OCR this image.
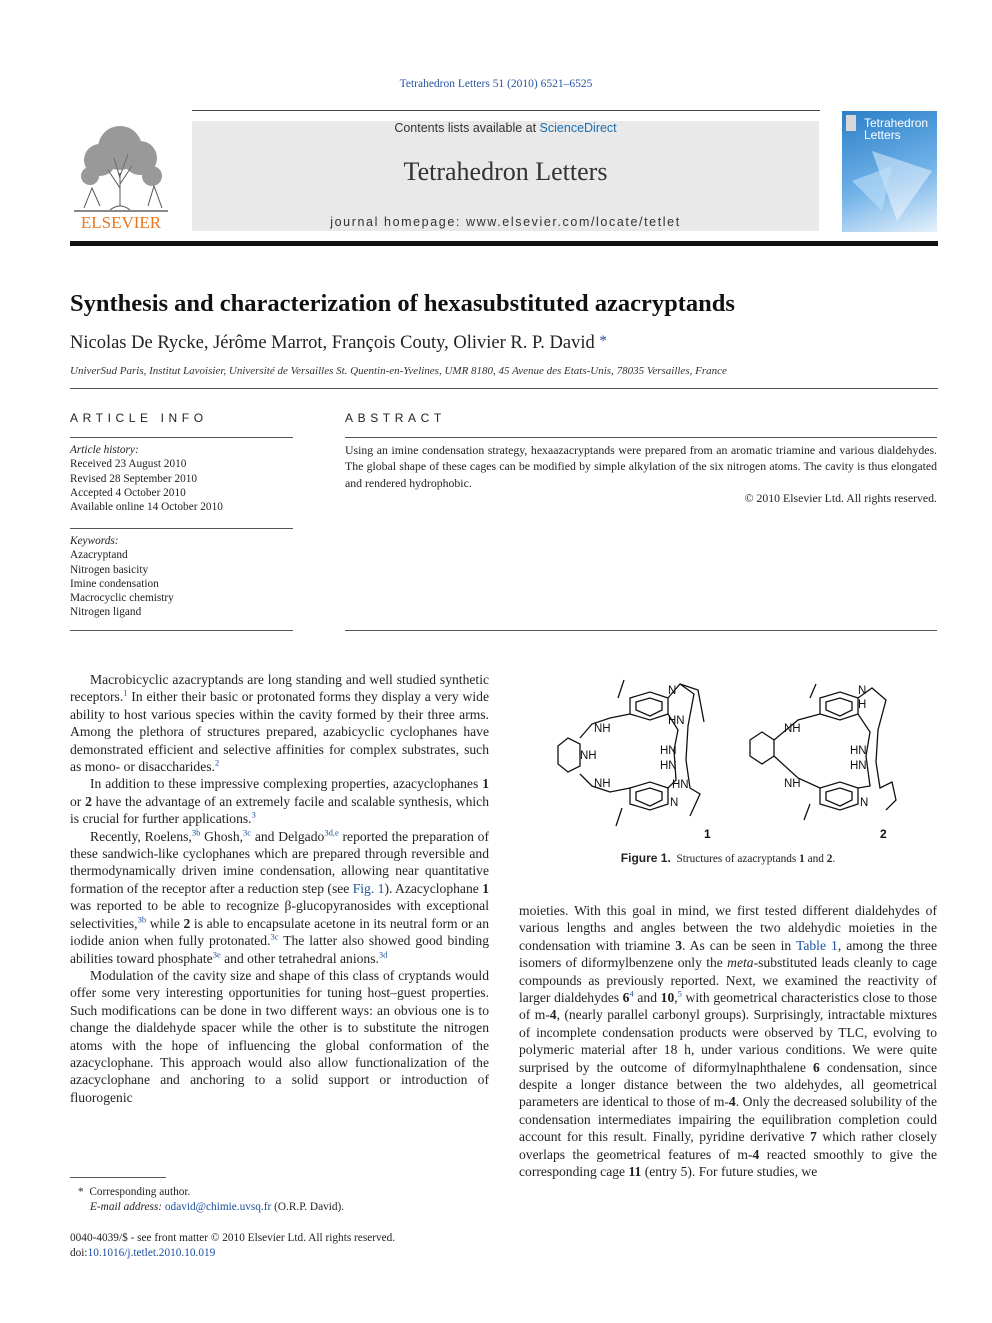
Tetrahedron Letters 51 (2010) 6521–6525
ELSEVIER
Contents lists available at ScienceDirect
Tetrahedron Letters
journal homepage: www.elsevier.com/locate/tetlet
Tetrahedron
Letters
Synthesis and characterization of hexasubstituted azacryptands
Nicolas De Rycke, Jérôme Marrot, François Couty, Olivier R. P. David *
UniverSud Paris, Institut Lavoisier, Université de Versailles St. Quentin-en-Yvelines, UMR 8180, 45 Avenue des Etats-Unis, 78035 Versailles, France
ARTICLE INFO
Article history:
Received 23 August 2010
Revised 28 September 2010
Accepted 4 October 2010
Available online 14 October 2010
Keywords:
Azacryptand
Nitrogen basicity
Imine condensation
Macrocyclic chemistry
Nitrogen ligand
ABSTRACT
Using an imine condensation strategy, hexaazacryptands were prepared from an aromatic triamine and various dialdehydes. The global shape of these cages can be modified by simple alkylation of the six nitrogen atoms. The cavity is thus elongated and rendered hydrophobic.
© 2010 Elsevier Ltd. All rights reserved.

Macrobicyclic azacryptands are long standing and well studied synthetic receptors.$^1$ In either their basic or protonated forms they display a very wide ability to host various species within the cavity formed by their three arms. Among the plethora of structures prepared, azabicyclic cyclophanes have demonstrated efficient and selective affinities for complex substrates, such as mono- or disaccharides.$^2$

In addition to these impressive complexing properties, azacyclophanes 1 or 2 have the advantage of an extremely facile and scalable synthesis, which is crucial for further applications.$^3$

Recently, Roelens,$^{3b}$ Ghosh,$^{3c}$ and Delgado$^{3d,e}$ reported the preparation of these sandwich-like cyclophanes which are prepared through reversible and thermodynamically driven imine condensation, allowing near quantitative formation of the receptor after a reduction step (see Fig. 1). Azacyclophane 1 was reported to be able to recognize β-glucopyranosides with exceptional selectivities,$^{3b}$ while 2 is able to encapsulate acetone in its neutral form or an iodide anion when fully protonated.$^{3c}$ The latter also showed good binding abilities toward phosphate$^{3e}$ and other tetrahedral anions.$^{3d}$

Modulation of the cavity size and shape of this class of cryptands would offer some very interesting opportunities for tuning host–guest properties. Such modifications can be done in two different ways: an obvious one is to change the dialdehyde spacer while the other is to substitute the nitrogen atoms with the hope of influencing the global conformation of the azacyclophane. This approach would also allow functionalization of the azacyclophane and anchoring to a solid support or introduction of fluorogenic

NH
NH
NH
N
HN
HN
HN
HN
N
NH
NH
N
H
HN
HN
N
1	2
Figure 1. Structures of azacryptands 1 and 2.

moieties. With this goal in mind, we first tested different dialdehydes of various lengths and angles between the two aldehydic moieties in the condensation with triamine 3. As can be seen in Table 1, among the three isomers of diformylbenzene only the meta-substituted leads cleanly to cage compounds as previously reported. Next, we examined the reactivity of larger dialdehydes $6^4$ and 10,$^5$ with geometrical characteristics close to those of m-4, (nearly parallel carbonyl groups). Surprisingly, intractable mixtures of incomplete condensation products were observed by TLC, evolving to polymeric material after 18 h, under various conditions. We were quite surprised by the outcome of diformylnaphthalene 6 condensation, since despite a longer distance between the two aldehydes, all geometrical parameters are identical to those of m-4. Only the decreased solubility of the condensation intermediates impairing the equilibration completion could account for this result. Finally, pyridine derivative 7 which rather closely overlaps the geometrical features of m-4 reacted smoothly to give the corresponding cage 11 (entry 5). For future studies, we

* Corresponding author.
E-mail address: odavid@chimie.uvsq.fr (O.R.P. David).
0040-4039/$ - see front matter © 2010 Elsevier Ltd. All rights reserved.
doi:10.1016/j.tetlet.2010.10.019
